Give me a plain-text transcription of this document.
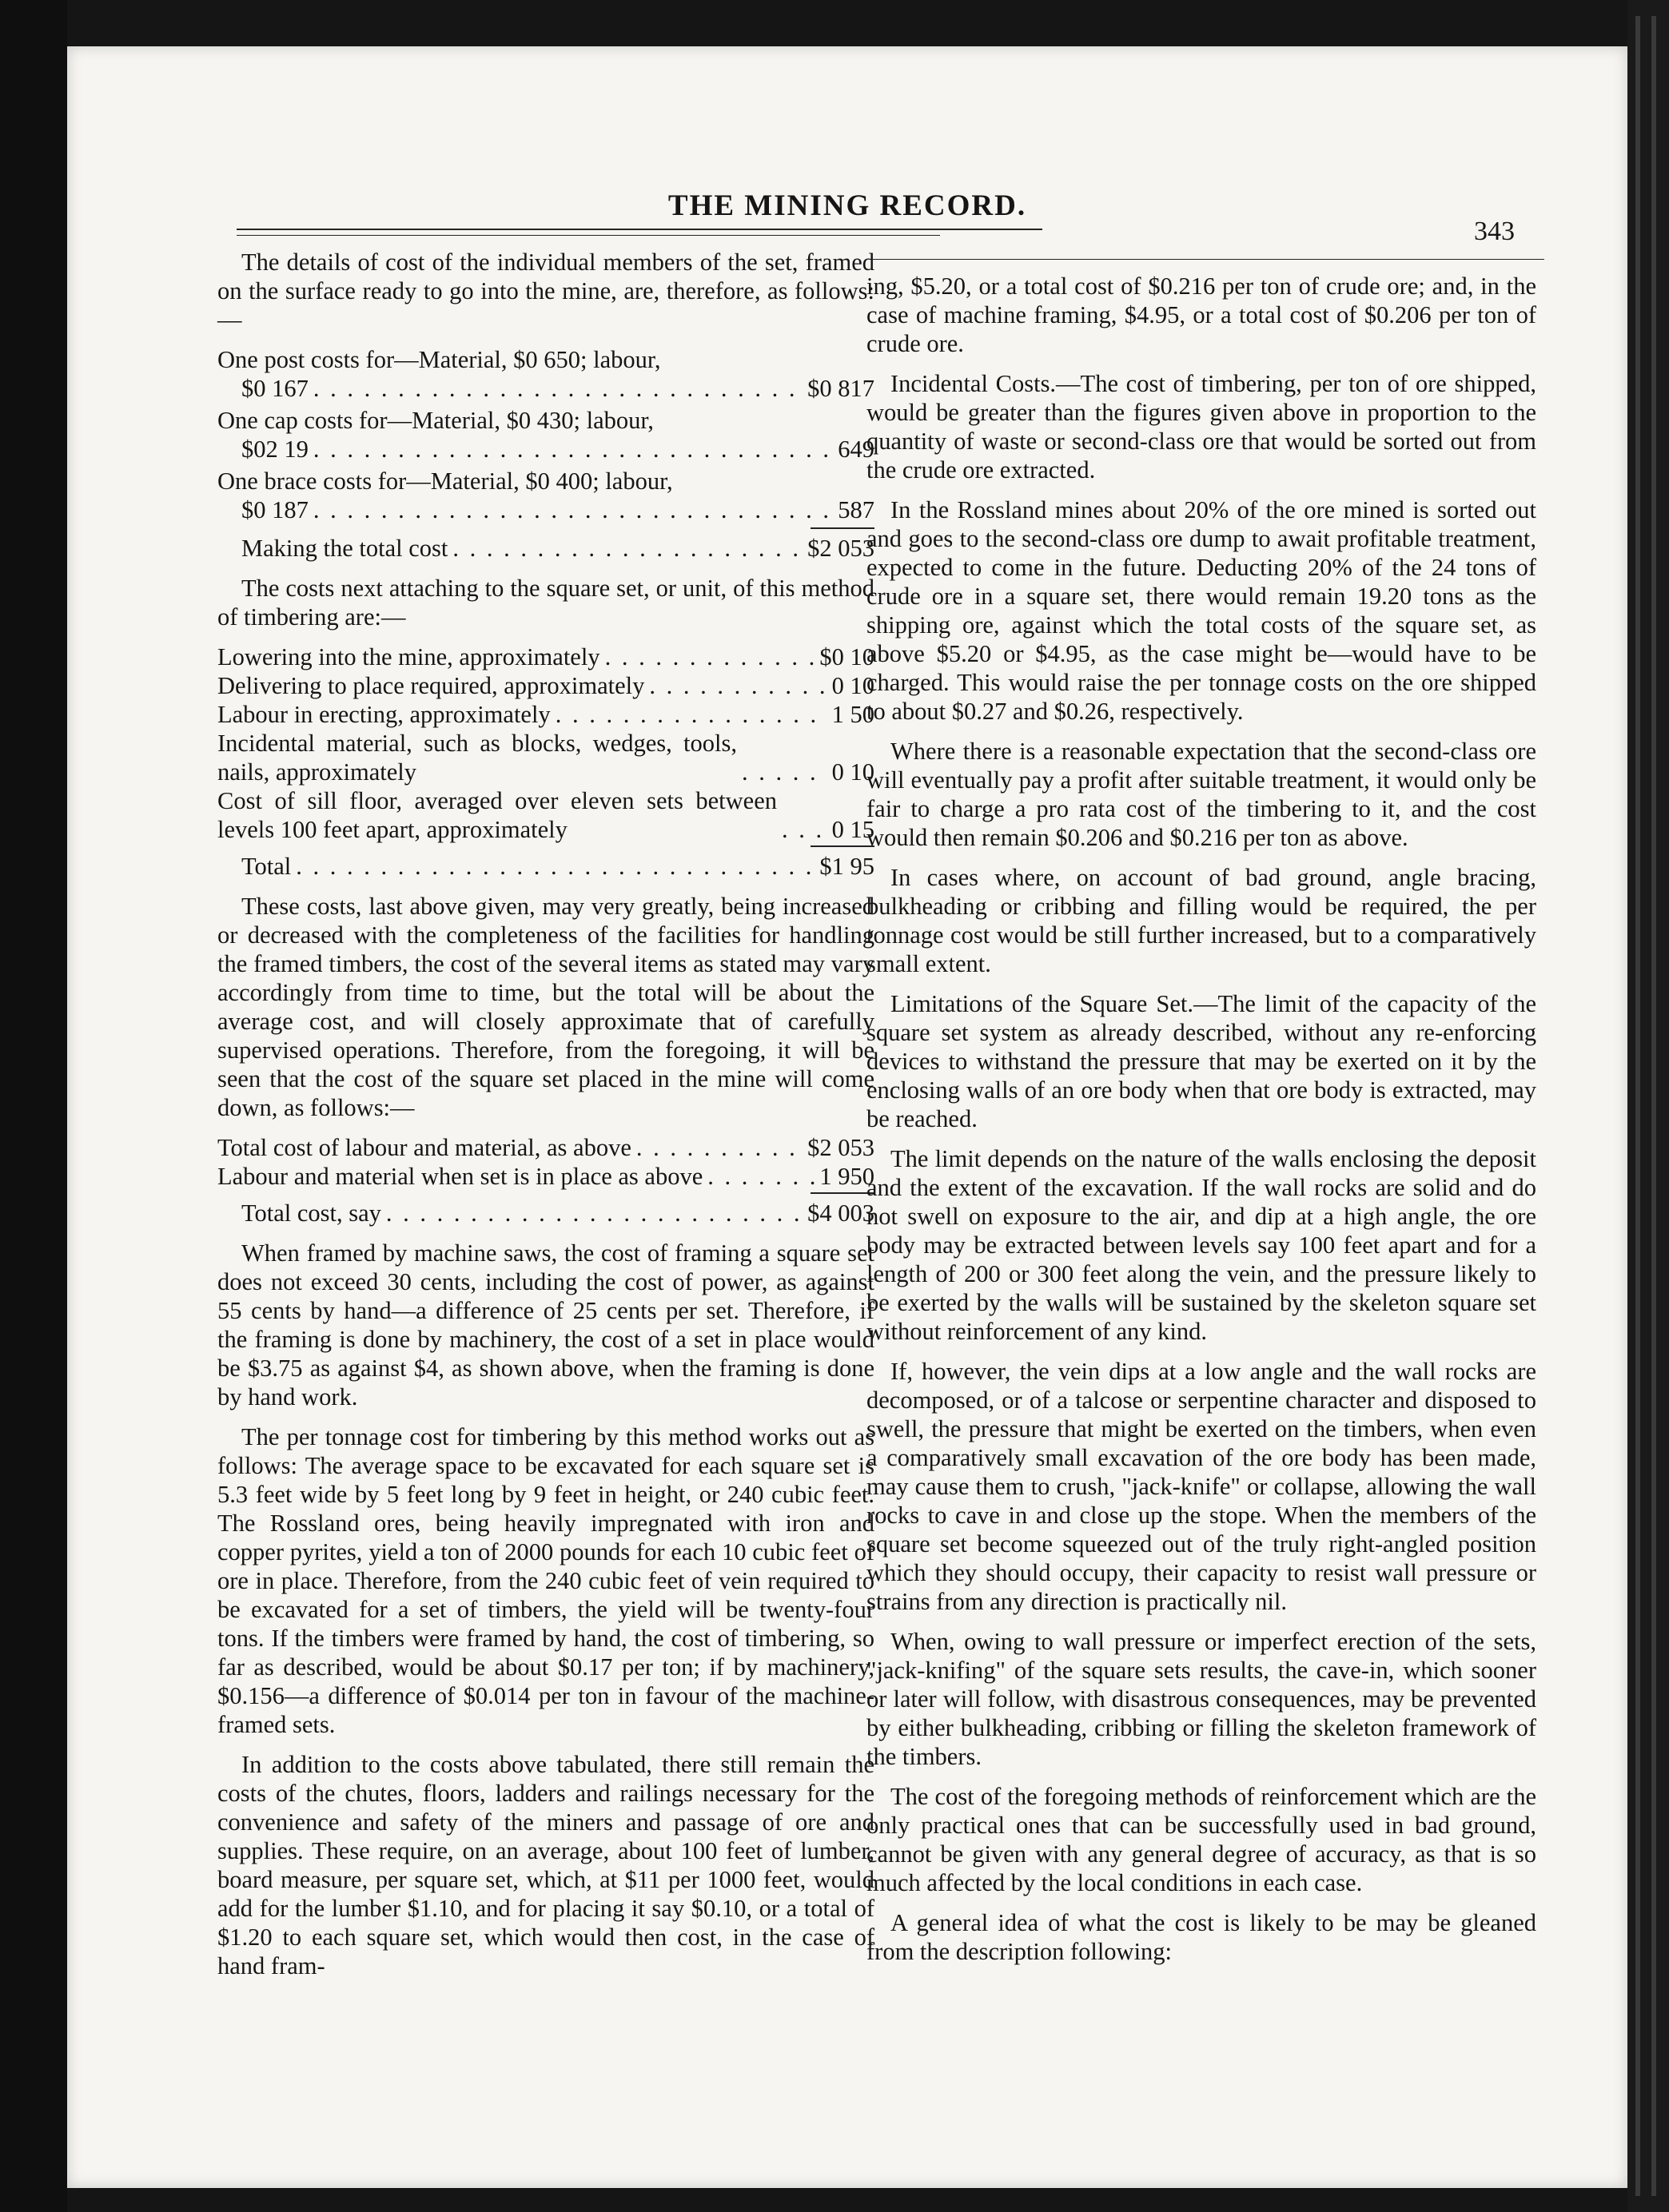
THE MINING RECORD.
343

The details of cost of the individual members of the set, framed on the surface ready to go into the mine, are, therefore, as follows:—

One post costs for—Material, $0 650; labour,
$0 167 . . .	$0 817
One cap costs for—Material, $0 430; labour,
$02 19 . . .	649
One brace costs for—Material, $0 400; labour,
$0 187 . . .	587
Making the total cost . . .	$2 053

The costs next attaching to the square set, or unit, of this method of timbering are:—

Lowering into the mine, approximately . . .	$0 10
Delivering to place required, approximately . . .	0 10
Labour in erecting, approximately . . .	1 50
Incidental material, such as blocks, wedges, tools, nails, approximately . . .	0 10
Cost of sill floor, averaged over eleven sets between levels 100 feet apart, approximately . . .	0 15
Total . . .	$1 95

These costs, last above given, may very greatly, being increased or decreased with the completeness of the facilities for handling the framed timbers, the cost of the several items as stated may vary accordingly from time to time, but the total will be about the average cost, and will closely approximate that of carefully supervised operations. Therefore, from the foregoing, it will be seen that the cost of the square set placed in the mine will come down, as follows:—

Total cost of labour and material, as above . . .	$2 053
Labour and material when set is in place as above . . .	1 950
Total cost, say . . .	$4 003

When framed by machine saws, the cost of framing a square set does not exceed 30 cents, including the cost of power, as against 55 cents by hand—a difference of 25 cents per set. Therefore, if the framing is done by machinery, the cost of a set in place would be $3.75 as against $4, as shown above, when the framing is done by hand work.

The per tonnage cost for timbering by this method works out as follows: The average space to be excavated for each square set is 5.3 feet wide by 5 feet long by 9 feet in height, or 240 cubic feet. The Rossland ores, being heavily impregnated with iron and copper pyrites, yield a ton of 2000 pounds for each 10 cubic feet of ore in place. Therefore, from the 240 cubic feet of vein required to be excavated for a set of timbers, the yield will be twenty-four tons. If the timbers were framed by hand, the cost of timbering, so far as described, would be about $0.17 per ton; if by machinery, $0.156—a difference of $0.014 per ton in favour of the machine-framed sets.

In addition to the costs above tabulated, there still remain the costs of the chutes, floors, ladders and railings necessary for the convenience and safety of the miners and passage of ore and supplies. These require, on an average, about 100 feet of lumber, board measure, per square set, which, at $11 per 1000 feet, would add for the lumber $1.10, and for placing it say $0.10, or a total of $1.20 to each square set, which would then cost, in the case of hand fram-

ing, $5.20, or a total cost of $0.216 per ton of crude ore; and, in the case of machine framing, $4.95, or a total cost of $0.206 per ton of crude ore.

Incidental Costs.—The cost of timbering, per ton of ore shipped, would be greater than the figures given above in proportion to the quantity of waste or second-class ore that would be sorted out from the crude ore extracted.

In the Rossland mines about 20% of the ore mined is sorted out and goes to the second-class ore dump to await profitable treatment, expected to come in the future. Deducting 20% of the 24 tons of crude ore in a square set, there would remain 19.20 tons as the shipping ore, against which the total costs of the square set, as above $5.20 or $4.95, as the case might be—would have to be charged. This would raise the per tonnage costs on the ore shipped to about $0.27 and $0.26, respectively.

Where there is a reasonable expectation that the second-class ore will eventually pay a profit after suitable treatment, it would only be fair to charge a pro rata cost of the timbering to it, and the cost would then remain $0.206 and $0.216 per ton as above.

In cases where, on account of bad ground, angle bracing, bulkheading or cribbing and filling would be required, the per tonnage cost would be still further increased, but to a comparatively small extent.

Limitations of the Square Set.—The limit of the capacity of the square set system as already described, without any re-enforcing devices to withstand the pressure that may be exerted on it by the enclosing walls of an ore body when that ore body is extracted, may be reached.

The limit depends on the nature of the walls enclosing the deposit and the extent of the excavation. If the wall rocks are solid and do not swell on exposure to the air, and dip at a high angle, the ore body may be extracted between levels say 100 feet apart and for a length of 200 or 300 feet along the vein, and the pressure likely to be exerted by the walls will be sustained by the skeleton square set without reinforcement of any kind.

If, however, the vein dips at a low angle and the wall rocks are decomposed, or of a talcose or serpentine character and disposed to swell, the pressure that might be exerted on the timbers, when even a comparatively small excavation of the ore body has been made, may cause them to crush, "jack-knife" or collapse, allowing the wall rocks to cave in and close up the stope. When the members of the square set become squeezed out of the truly right-angled position which they should occupy, their capacity to resist wall pressure or strains from any direction is practically nil.

When, owing to wall pressure or imperfect erection of the sets, "jack-knifing" of the square sets results, the cave-in, which sooner or later will follow, with disastrous consequences, may be prevented by either bulkheading, cribbing or filling the skeleton framework of the timbers.

The cost of the foregoing methods of reinforcement which are the only practical ones that can be successfully used in bad ground, cannot be given with any general degree of accuracy, as that is so much affected by the local conditions in each case.

A general idea of what the cost is likely to be may be gleaned from the description following:
